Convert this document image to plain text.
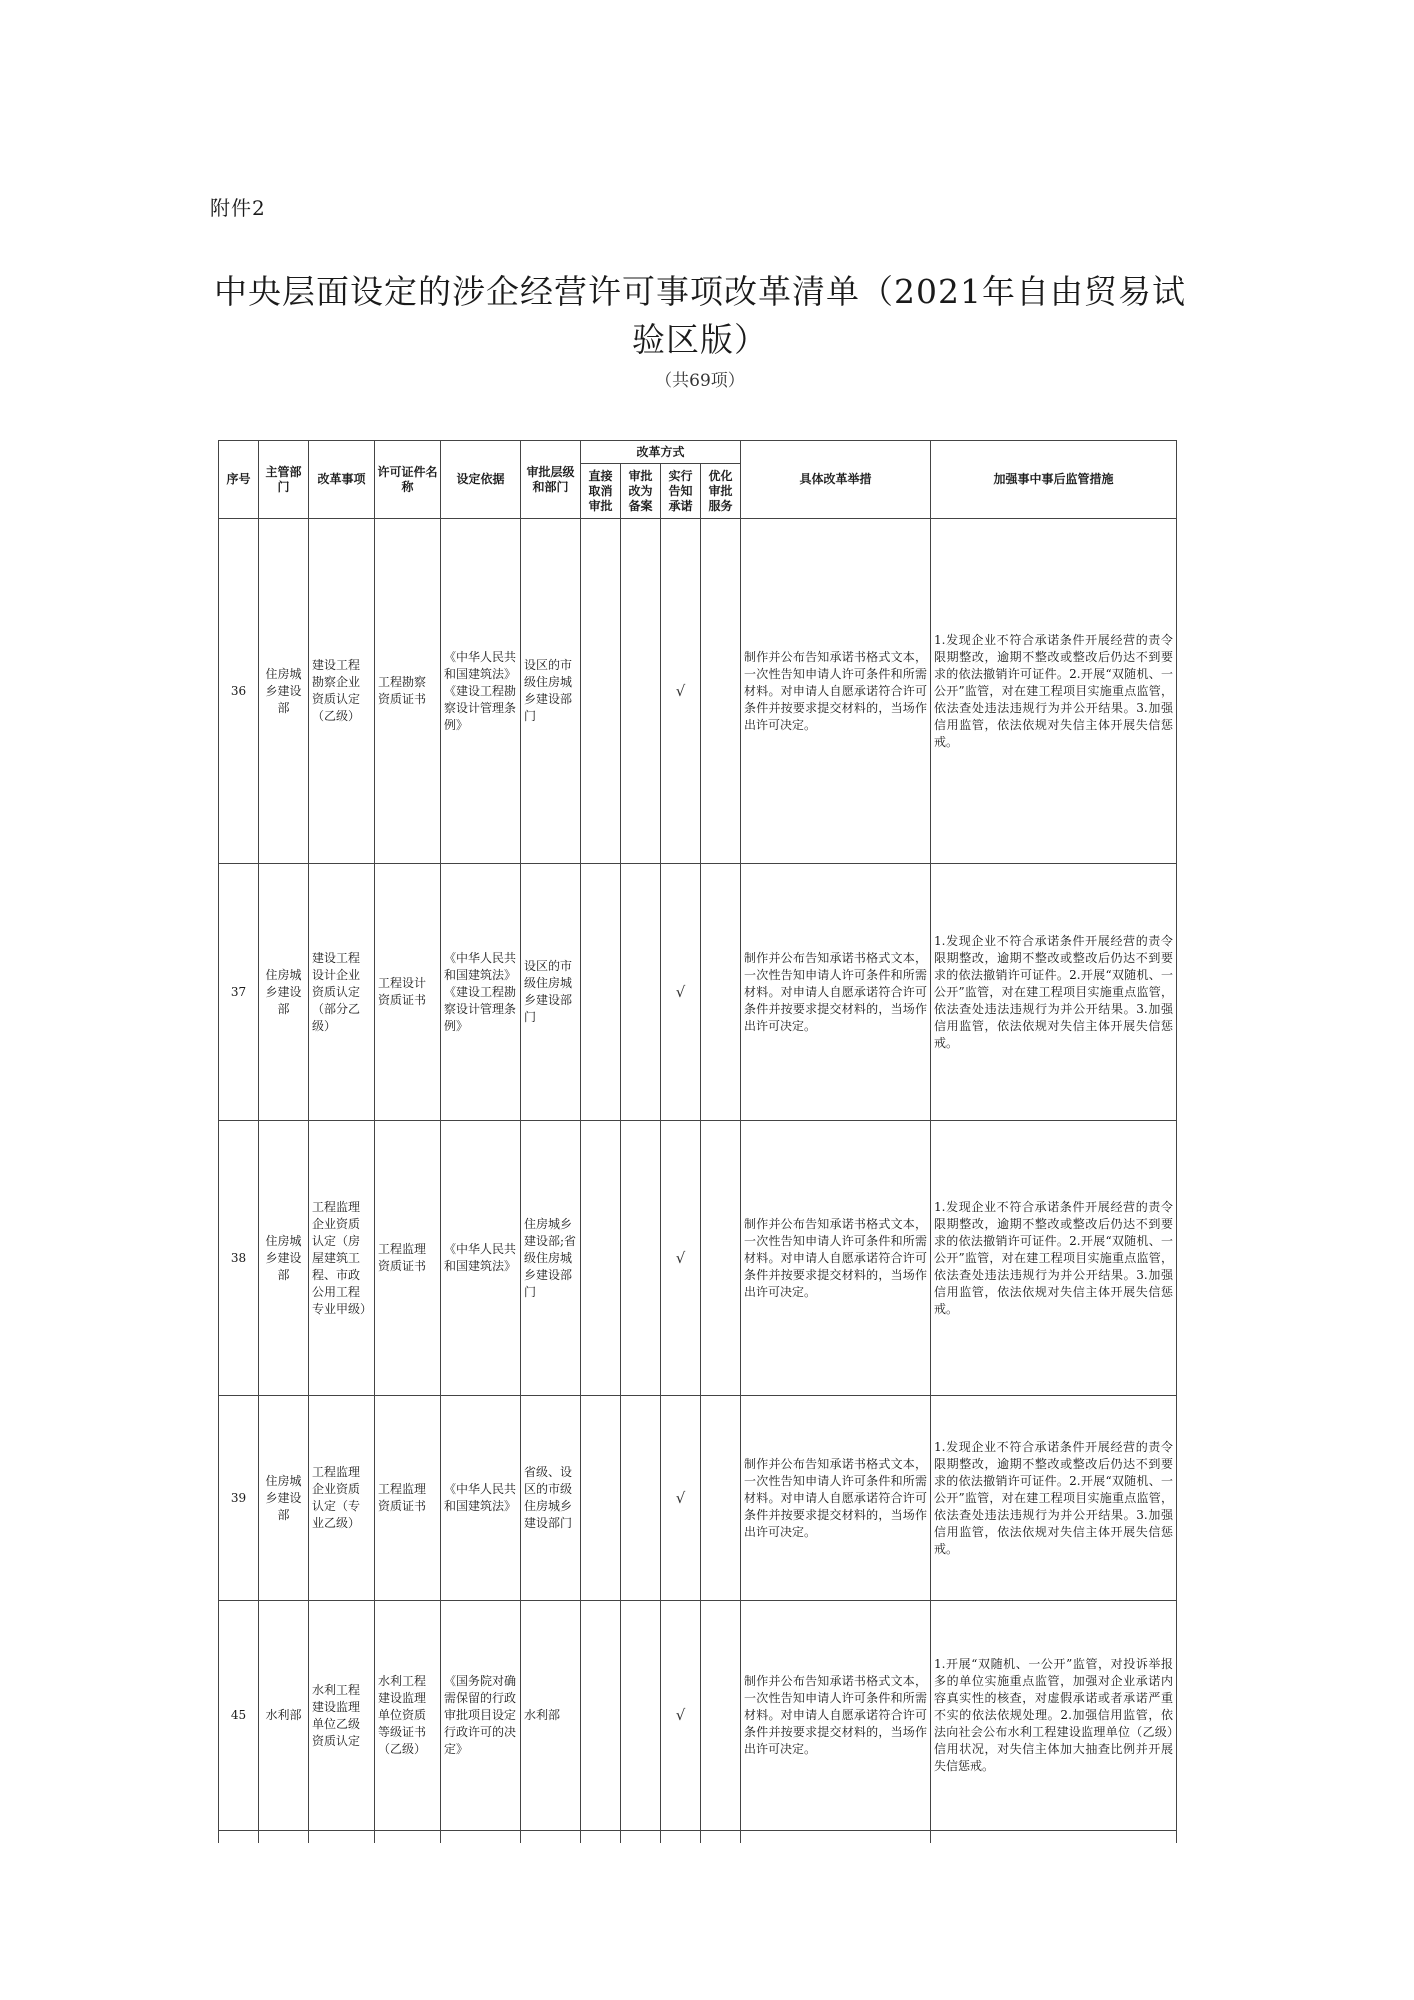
附件2
中央层面设定的涉企经营许可事项改革清单（2021年自由贸易试验区版）
（共69项）
序号	主管部门	改革事项	许可证件名称	设定依据	审批层级和部门	改革方式				具体改革举措	加强事中事后监管措施
						直接取消审批	审批改为备案	实行告知承诺	优化审批服务		
36	住房城乡建设部	建设工程勘察企业资质认定（乙级）	工程勘察资质证书	《中华人民共和国建筑法》《建设工程勘察设计管理条例》	设区的市级住房城乡建设部门			√		制作并公布告知承诺书格式文本，一次性告知申请人许可条件和所需材料。对申请人自愿承诺符合许可条件并按要求提交材料的，当场作出许可决定。	1.发现企业不符合承诺条件开展经营的责令限期整改，逾期不整改或整改后仍达不到要求的依法撤销许可证件。2.开展“双随机、一公开”监管，对在建工程项目实施重点监管，依法查处违法违规行为并公开结果。3.加强信用监管，依法依规对失信主体开展失信惩戒。
37	住房城乡建设部	建设工程设计企业资质认定（部分乙级）	工程设计资质证书	《中华人民共和国建筑法》《建设工程勘察设计管理条例》	设区的市级住房城乡建设部门			√		制作并公布告知承诺书格式文本，一次性告知申请人许可条件和所需材料。对申请人自愿承诺符合许可条件并按要求提交材料的，当场作出许可决定。	1.发现企业不符合承诺条件开展经营的责令限期整改，逾期不整改或整改后仍达不到要求的依法撤销许可证件。2.开展“双随机、一公开”监管，对在建工程项目实施重点监管，依法查处违法违规行为并公开结果。3.加强信用监管，依法依规对失信主体开展失信惩戒。
38	住房城乡建设部	工程监理企业资质认定（房屋建筑工程、市政公用工程专业甲级）	工程监理资质证书	《中华人民共和国建筑法》	住房城乡建设部;省级住房城乡建设部门			√		制作并公布告知承诺书格式文本，一次性告知申请人许可条件和所需材料。对申请人自愿承诺符合许可条件并按要求提交材料的，当场作出许可决定。	1.发现企业不符合承诺条件开展经营的责令限期整改，逾期不整改或整改后仍达不到要求的依法撤销许可证件。2.开展“双随机、一公开”监管，对在建工程项目实施重点监管，依法查处违法违规行为并公开结果。3.加强信用监管，依法依规对失信主体开展失信惩戒。
39	住房城乡建设部	工程监理企业资质认定（专业乙级）	工程监理资质证书	《中华人民共和国建筑法》	省级、设区的市级住房城乡建设部门			√		制作并公布告知承诺书格式文本，一次性告知申请人许可条件和所需材料。对申请人自愿承诺符合许可条件并按要求提交材料的，当场作出许可决定。	1.发现企业不符合承诺条件开展经营的责令限期整改，逾期不整改或整改后仍达不到要求的依法撤销许可证件。2.开展“双随机、一公开”监管，对在建工程项目实施重点监管，依法查处违法违规行为并公开结果。3.加强信用监管，依法依规对失信主体开展失信惩戒。
45	水利部	水利工程建设监理单位乙级资质认定	水利工程建设监理单位资质等级证书（乙级）	《国务院对确需保留的行政审批项目设定行政许可的决定》	水利部			√		制作并公布告知承诺书格式文本，一次性告知申请人许可条件和所需材料。对申请人自愿承诺符合许可条件并按要求提交材料的，当场作出许可决定。	1.开展“双随机、一公开”监管，对投诉举报多的单位实施重点监管，加强对企业承诺内容真实性的核查，对虚假承诺或者承诺严重不实的依法依规处理。2.加强信用监管，依法向社会公布水利工程建设监理单位（乙级）信用状况，对失信主体加大抽查比例并开展失信惩戒。
